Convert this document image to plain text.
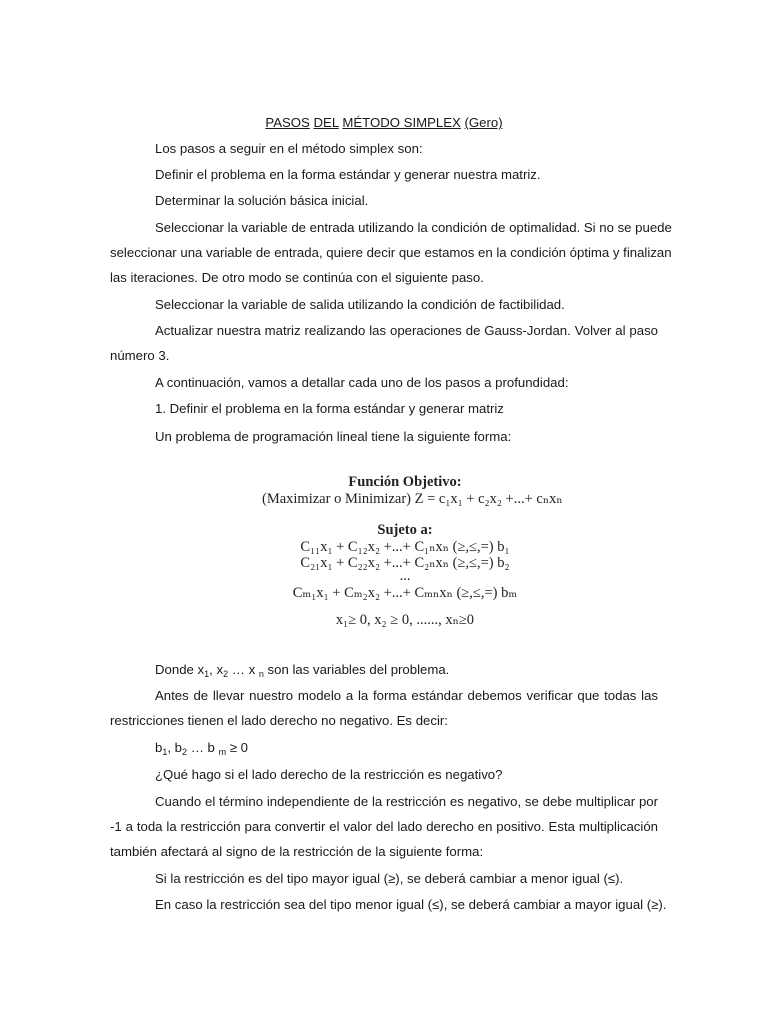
PASOS DEL MÉTODO SIMPLEX (Gero)
Los pasos a seguir en el método simplex son:
Definir el problema en la forma estándar y generar nuestra matriz.
Determinar la solución básica inicial.
Seleccionar la variable de entrada utilizando la condición de optimalidad. Si no se puede
seleccionar una variable de entrada, quiere decir que estamos en la condición óptima y finalizan
las iteraciones. De otro modo se continúa con el siguiente paso.
Seleccionar la variable de salida utilizando la condición de factibilidad.
Actualizar nuestra matriz realizando las operaciones de Gauss-Jordan. Volver al paso
número 3.
A continuación, vamos a detallar cada uno de los pasos a profundidad:
1. Definir el problema en la forma estándar y generar matriz
Un problema de programación lineal tiene la siguiente forma:
Función Objetivo:
(Maximizar o Minimizar) Z = c₁x₁ + c₂x₂ +...+ cₙxₙ
Sujeto a:
C₁₁x₁ + C₁₂x₂ +...+ C₁ₙxₙ (≥,≤,=) b₁
C₂₁x₁ + C₂₂x₂ +...+ C₂ₙxₙ (≥,≤,=) b₂
...
Cₘ₁x₁ + Cₘ₂x₂ +...+ Cₘₙxₙ (≥,≤,=) bₘ
x₁≥ 0, x₂ ≥ 0, ......, xₙ≥0
Donde $x_1$, $x_2$ … x $_n$ son las variables del problema.
Antes de llevar nuestro modelo a la forma estándar debemos verificar que todas las
restricciones tienen el lado derecho no negativo. Es decir:
$b_1$, $b_2$ … b $_m$ ≥ 0
¿Qué hago si el lado derecho de la restricción es negativo?
Cuando el término independiente de la restricción es negativo, se debe multiplicar por
-1 a toda la restricción para convertir el valor del lado derecho en positivo. Esta multiplicación
también afectará al signo de la restricción de la siguiente forma:
Si la restricción es del tipo mayor igual (≥), se deberá cambiar a menor igual (≤).
En caso la restricción sea del tipo menor igual (≤), se deberá cambiar a mayor igual (≥).
